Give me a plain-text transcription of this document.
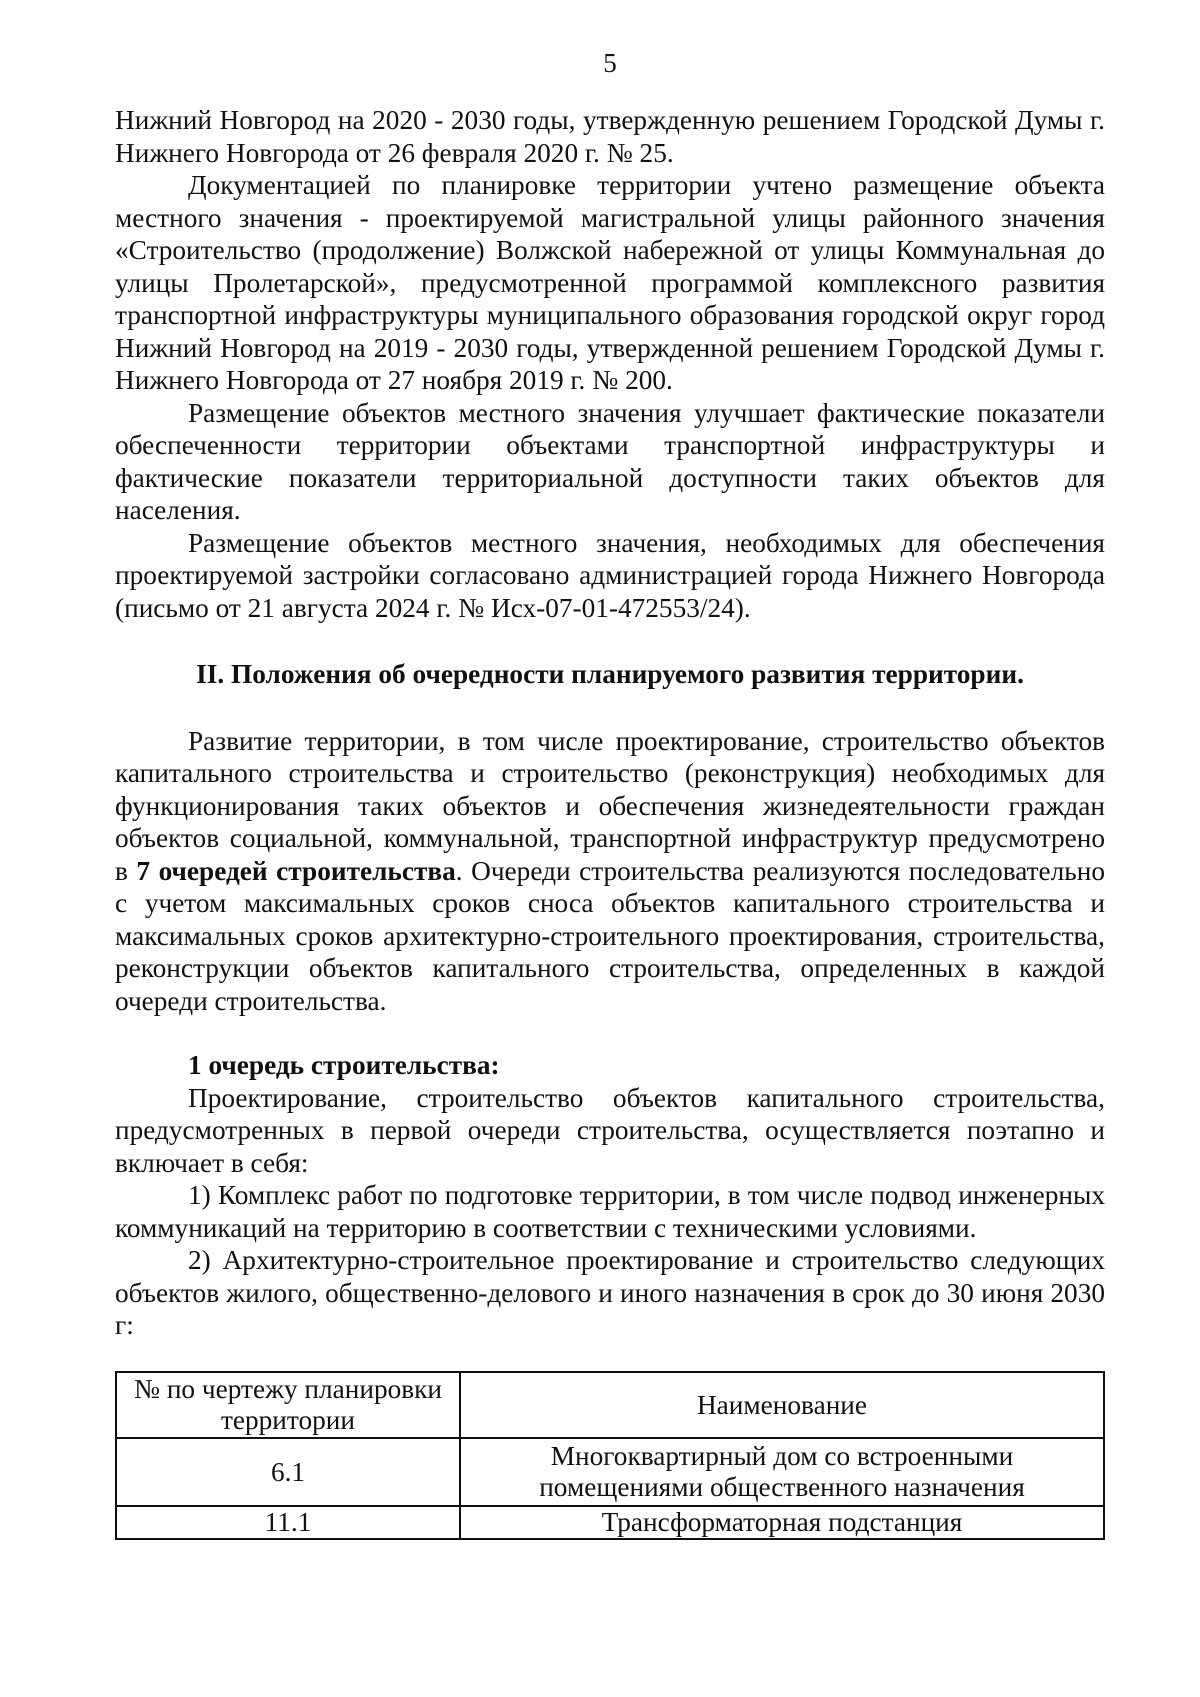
5

Нижний Новгород на 2020 - 2030 годы, утвержденную решением Городской Думы г. Нижнего Новгорода от 26 февраля 2020 г. № 25.

Документацией по планировке территории учтено размещение объекта местного значения - проектируемой магистральной улицы районного значения «Строительство (продолжение) Волжской набережной от улицы Коммунальная до улицы Пролетарской», предусмотренной программой комплексного развития транспортной инфраструктуры муниципального образования городской округ город Нижний Новгород на 2019 - 2030 годы, утвержденной решением Городской Думы г. Нижнего Новгорода от 27 ноября 2019 г. № 200.

Размещение объектов местного значения улучшает фактические показатели обеспеченности территории объектами транспортной инфраструктуры и фактические показатели территориальной доступности таких объектов для населения.

Размещение объектов местного значения, необходимых для обеспечения проектируемой застройки согласовано администрацией города Нижнего Новгорода (письмо от 21 августа 2024 г. № Исх-07-01-472553/24).

II. Положения об очередности планируемого развития территории.

Развитие территории, в том числе проектирование, строительство объектов капитального строительства и строительство (реконструкция) необходимых для функционирования таких объектов и обеспечения жизнедеятельности граждан объектов социальной, коммунальной, транспортной инфраструктур предусмотрено в 7 очередей строительства. Очереди строительства реализуются последовательно с учетом максимальных сроков сноса объектов капитального строительства и максимальных сроков архитектурно-строительного проектирования, строительства, реконструкции объектов капитального строительства, определенных в каждой очереди строительства.

1 очередь строительства:

Проектирование, строительство объектов капитального строительства, предусмотренных в первой очереди строительства, осуществляется поэтапно и включает в себя:

1) Комплекс работ по подготовке территории, в том числе подвод инженерных коммуникаций на территорию в соответствии с техническими условиями.

2) Архитектурно-строительное проектирование и строительство следующих объектов жилого, общественно-делового и иного назначения в срок до 30 июня 2030 г:

№ по чертежу планировки территории	Наименование
6.1	Многоквартирный дом со встроенными помещениями общественного назначения
11.1	Трансформаторная подстанция
